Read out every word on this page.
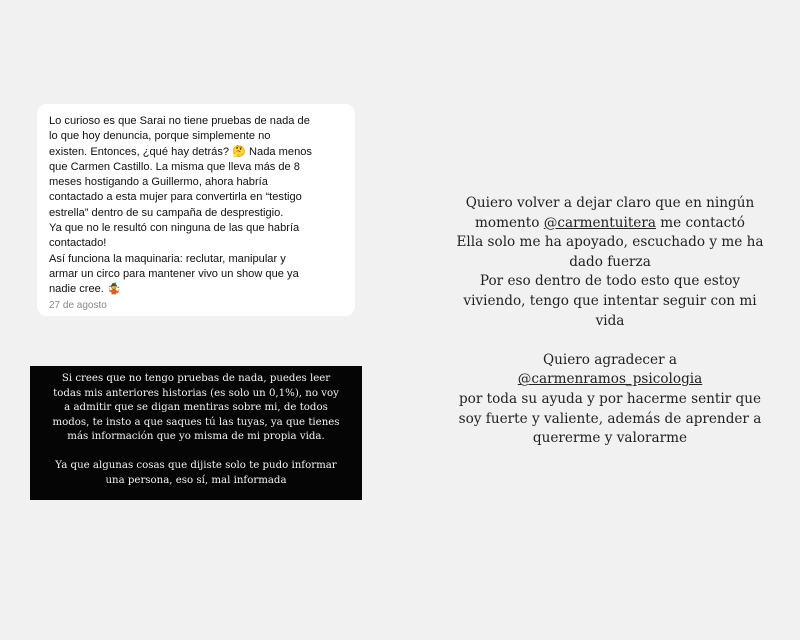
Lo curioso es que Sarai no tiene pruebas de nada de
lo que hoy denuncia, porque simplemente no
existen. Entonces, ¿qué hay detrás? 🤔 Nada menos
que Carmen Castillo. La misma que lleva más de 8
meses hostigando a Guillermo, ahora habría
contactado a esta mujer para convertirla en “testigo
estrella” dentro de su campaña de desprestigio.
Ya que no le resultó con ninguna de las que habría
contactado!
Así funciona la maquinaria: reclutar, manipular y
armar un circo para mantener vivo un show que ya
nadie cree. 🤹
27 de agosto
Si crees que no tengo pruebas de nada, puedes leer
todas mis anteriores historias (es solo un 0,1%), no voy
a admitir que se digan mentiras sobre mi, de todos
modos, te insto a que saques tú las tuyas, ya que tienes
más información que yo misma de mi propia vida.
Ya que algunas cosas que dijiste solo te pudo informar
una persona, eso sí, mal informada
Quiero volver a dejar claro que en ningún
momento @carmentuitera me contactó
Ella solo me ha apoyado, escuchado y me ha
dado fuerza
Por eso dentro de todo esto que estoy
viviendo, tengo que intentar seguir con mi
vida
Quiero agradecer a
@carmenramos_psicologia
por toda su ayuda y por hacerme sentir que
soy fuerte y valiente, además de aprender a
quererme y valorarme
